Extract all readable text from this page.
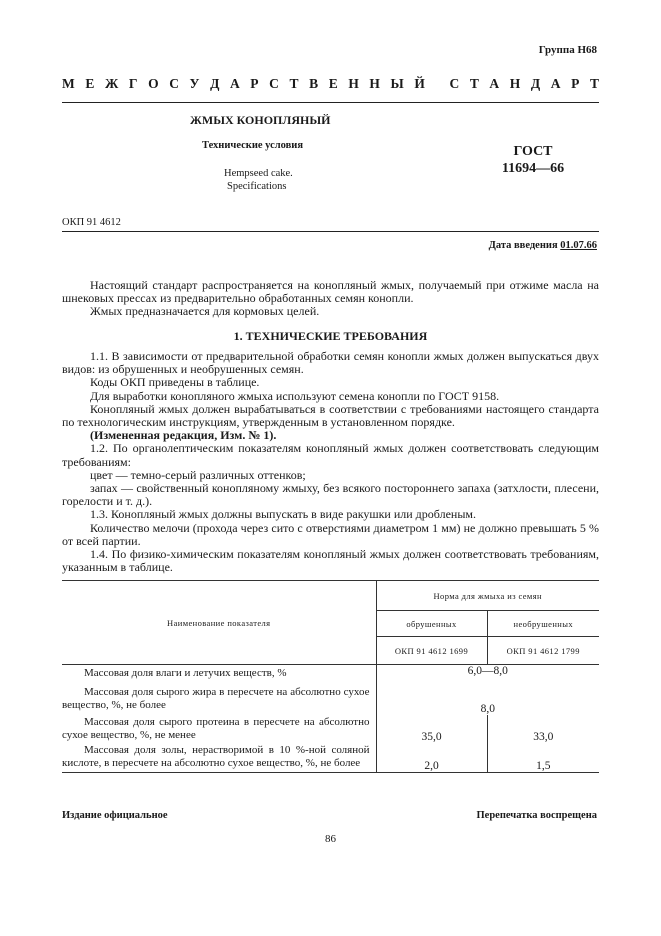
Группа Н68
М Е Ж Г О С У Д А Р С Т В Е Н Н Ы Й
С Т А Н Д А Р Т
ЖМЫХ КОНОПЛЯНЫЙ
Технические условия
Hempseed cake.
Specifications
ГОСТ
11694—66
ОКП 91 4612
Дата введения 01.07.66

Настоящий стандарт распространяется на конопляный жмых, получаемый при отжиме масла на шнековых прессах из предварительно обработанных семян конопли.

Жмых предназначается для кормовых целей.

1. ТЕХНИЧЕСКИЕ ТРЕБОВАНИЯ

1.1. В зависимости от предварительной обработки семян конопли жмых должен выпускаться двух видов: из обрушенных и необрушенных семян.

Коды ОКП приведены в таблице.

Для выработки конопляного жмыха используют семена конопли по ГОСТ 9158.

Конопляный жмых должен вырабатываться в соответствии с требованиями настоящего стандарта по технологическим инструкциям, утвержденным в установленном порядке.

(Измененная редакция, Изм. № 1).

1.2. По органолептическим показателям конопляный жмых должен соответствовать следующим требованиям:

цвет — темно-серый различных оттенков;

запах — свойственный конопляному жмыху, без всякого постороннего запаха (затхлости, плесени, горелости и т. д.).

1.3. Конопляный жмых должны выпускать в виде ракушки или дробленым.

Количество мелочи (прохода через сито с отверстиями диаметром 1 мм) не должно превышать 5 % от всей партии.

1.4. По физико-химическим показателям конопляный жмых должен соответствовать требованиям, указанным в таблице.

Наименование показателя	Норма для жмыха из семян	
	обрушенных	необрушенных
	ОКП 91 4612 1699	ОКП 91 4612 1799
Массовая доля влаги и летучих веществ, %	6,0—8,0	
Массовая доля сырого жира в пересчете на абсолютно сухое вещество, %, не более	8,0	
Массовая доля сырого протеина в пересчете на абсолютно сухое вещество, %, не менее	35,0	33,0
Массовая доля золы, нерастворимой в 10 %-ной соляной кислоте, в пересчете на абсолютно сухое вещество, %, не более	2,0	1,5
Издание официальное	Перепечатка воспрещена
86
